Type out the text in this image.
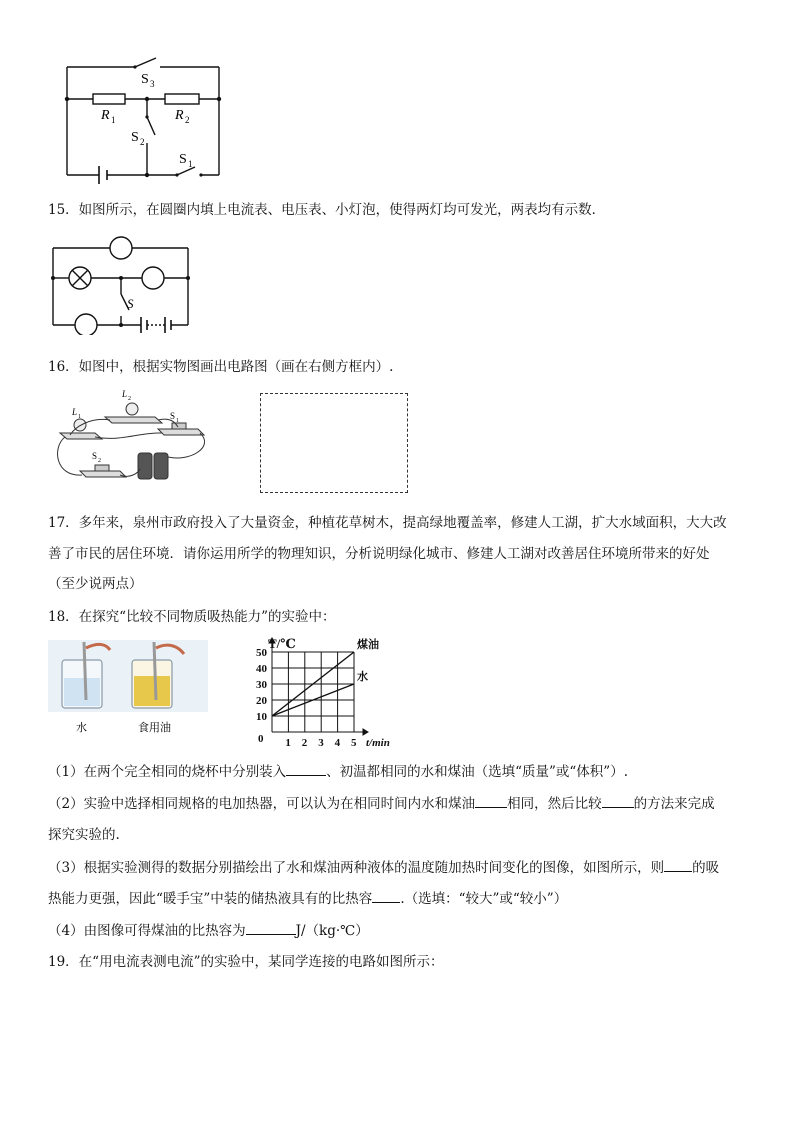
S 3
R 1	R 2
S 2
S 1

15．如图所示，在圆圈内填上电流表、电压表、小灯泡，使得两灯均可发光，两表均有示数．

S

16．如图中，根据实物图画出电路图（画在右侧方框内）.

L 2
L 1	S 1
S 2

17．多年来，泉州市政府投入了大量资金，种植花草树木，提高绿地覆盖率，修建人工湖，扩大水域面积，大大改

善了市民的居住环境．请你运用所学的物理知识，分析说明绿化城市、修建人工湖对改善居住环境所带来的好处

（至少说两点）

18．在探究“比较不同物质吸热能力”的实验中：

水	食用油
煤油
水
1 2 3 4 5
10
20
30
40
50
0
T/℃
t/min

（1）在两个完全相同的烧杯中分别装入	、初温都相同的水和煤油（选填“质量”或“体积”）.

（2）实验中选择相同规格的电加热器，可以认为在相同时间内水和煤油 相同，然后比较 的方法来完成

探究实验的.

（3）根据实验测得的数据分别描绘出了水和煤油两种液体的温度随加热时间变化的图像，如图所示，则 的吸

热能力更强，因此“暖手宝”中装的储热液具有的比热容 .（选填：“较大”或“较小”）

（4）由图像可得煤油的比热容为	J/（kg·℃）

19．在“用电流表测电流”的实验中，某同学连接的电路如图所示：
